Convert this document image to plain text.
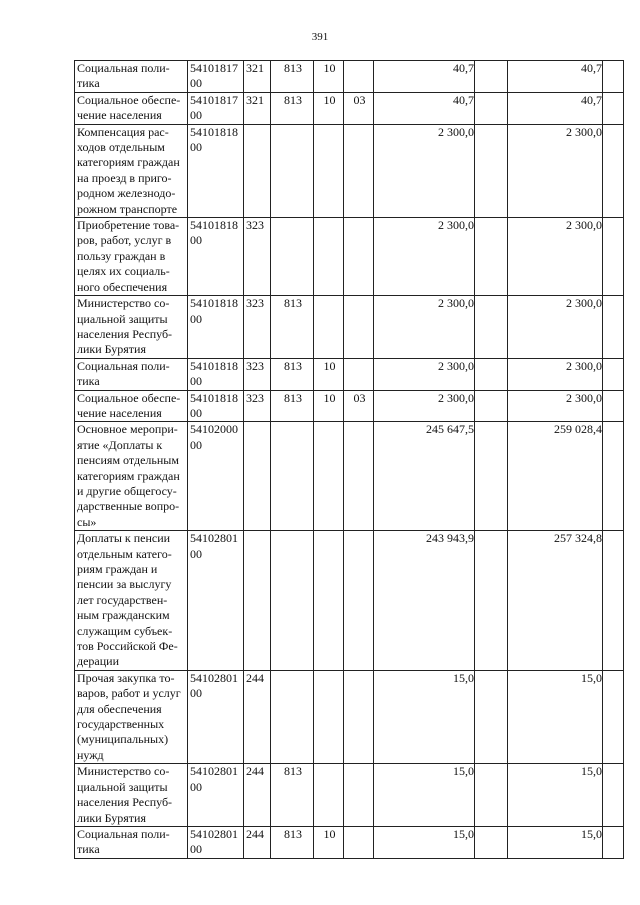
391
Социальная поли-тика	5410181700	321	813	10		40,7		40,7	
Социальное обеспе-чение населения	5410181700	321	813	10	03	40,7		40,7	
Компенсация рас-ходов отдельным категориям граждан на проезд в приго-родном железнодо-рожном транспорте	5410181800					2 300,0		2 300,0	
Приобретение това-ров, работ, услуг в пользу граждан в целях их социаль-ного обеспечения	5410181800	323				2 300,0		2 300,0	
Министерство со-циальной защиты населения Респуб-лики Бурятия	5410181800	323	813			2 300,0		2 300,0	
Социальная поли-тика	5410181800	323	813	10		2 300,0		2 300,0	
Социальное обеспе-чение населения	5410181800	323	813	10	03	2 300,0		2 300,0	
Основное меропри-ятие «Доплаты к пенсиям отдельным категориям граждан и другие общегосу-дарственные вопро-сы»	5410200000					245 647,5		259 028,4	
Доплаты к пенсии отдельным катего-риям граждан и пенсии за выслугу лет государствен-ным гражданским служащим субъек-тов Российской Фе-дерации	5410280100					243 943,9		257 324,8	
Прочая закупка то-варов, работ и услуг для обеспечения государственных (муниципальных) нужд	5410280100	244				15,0		15,0	
Министерство со-циальной защиты населения Респуб-лики Бурятия	5410280100	244	813			15,0		15,0	
Социальная поли-тика	5410280100	244	813	10		15,0		15,0	
